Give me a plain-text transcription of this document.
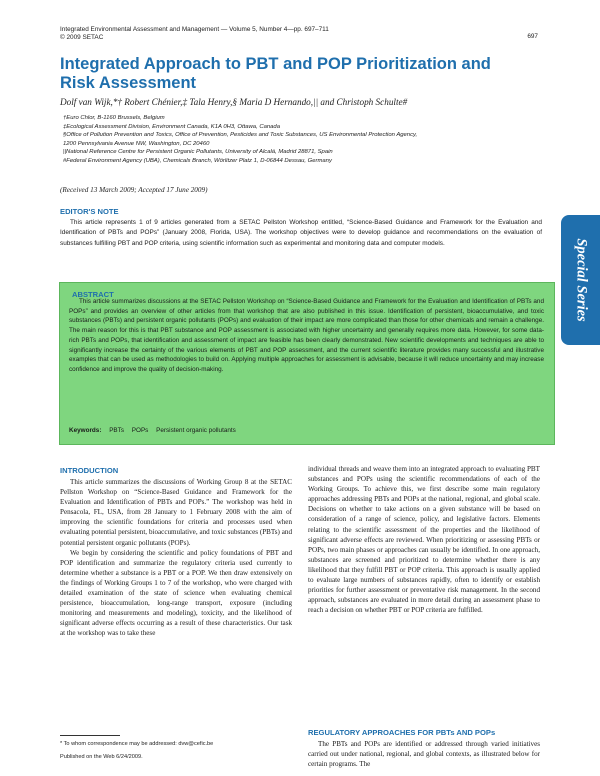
Integrated Environmental Assessment and Management — Volume 5, Number 4—pp. 697–711
© 2009 SETAC	697
Integrated Approach to PBT and POP Prioritization and Risk Assessment
Dolf van Wijk,*† Robert Chénier,‡ Tala Henry,§ Maria D Hernando,|| and Christoph Schulte#
†Euro Chlor, B-1160 Brussels, Belgium
‡Ecological Assessment Division, Environment Canada, K1A 0H3, Ottawa, Canada
§Office of Pollution Prevention and Toxics, Office of Prevention, Pesticides and Toxic Substances, US Environmental Protection Agency,
1200 Pennsylvania Avenue NW, Washington, DC 20460
||National Reference Centre for Persistent Organic Pollutants, University of Alcalá, Madrid 28871, Spain
#Federal Environment Agency (UBA), Chemicals Branch, Wörlitzer Platz 1, D-06844 Dessau, Germany
(Received 13 March 2009; Accepted 17 June 2009)
EDITOR'S NOTE
This article represents 1 of 9 articles generated from a SETAC Pellston Workshop entitled, “Science-Based Guidance and Framework for the Evaluation and Identification of PBTs and POPs” (January 2008, Florida, USA). The workshop objectives were to develop guidance and recommendations on the evaluation of substances fulfilling PBT and POP criteria, using scientific information such as experimental and monitoring data and computer models.	Special Series
ABSTRACT
This article summarizes discussions at the SETAC Pellston Workshop on “Science-Based Guidance and Framework for the Evaluation and Identification of PBTs and POPs” and provides an overview of other articles from that workshop that are also published in this issue. Identification of persistent, bioaccumulative, and toxic substances (PBTs) and persistent organic pollutants (POPs) and evaluation of their impact are more complicated than those for other chemicals and remain a challenge. The main reason for this is that PBT substance and POP assessment is associated with higher uncertainty and generally requires more data. However, for some data-rich PBTs and POPs, that identification and assessment of impact are feasible has been clearly demonstrated. New scientific developments and techniques are able to significantly increase the certainty of the various elements of PBT and POP assessment, and the current scientific literature provides many successful and illustrative examples that can be used as methodologies to build on. Applying multiple approaches for assessment is advisable, because it will reduce uncertainty and may increase confidence and improve the quality of decision-making.
Keywords: PBTs POPs Persistent organic pollutants
INTRODUCTION

This article summarizes the discussions of Working Group 8 at the SETAC Pellston Workshop on “Science-Based Guidance and Framework for the Evaluation and Identification of PBTs and POPs.” The workshop was held in Pensacola, FL, USA, from 28 January to 1 February 2008 with the aim of improving the scientific foundations for criteria and processes used when evaluating potential persistent, bioaccumulative, and toxic substances (PBTs) and potential persistent organic pollutants (POPs).

We begin by considering the scientific and policy foundations of PBT and POP identification and summarize the regulatory criteria used currently to determine whether a substance is a PBT or a POP. We then draw extensively on the findings of Working Groups 1 to 7 of the workshop, who were charged with detailed examination of the state of science when evaluating chemical persistence, bioaccumulation, long-range transport, exposure (including monitoring and measurements and modeling), toxicity, and the likelihood of significant adverse effects occurring as a result of these characteristics. Our task at the workshop was to take these

individual threads and weave them into an integrated approach to evaluating PBT substances and POPs using the scientific recommendations of each of the Working Groups. To achieve this, we first describe some main regulatory approaches addressing PBTs and POPs at the national, regional, and global scale. Decisions on whether to take actions on a given substance will be based on consideration of a range of science, policy, and legislative factors. Elements relating to the scientific assessment of the properties and the likelihood of significant adverse effects are reviewed. When prioritizing or assessing PBTs or POPs, two main phases or approaches can usually be identified. In one approach, substances are screened and prioritized to determine whether there is any likelihood that they fulfill PBT or POP criteria. This approach is usually applied to evaluate large numbers of substances rapidly, often to identify or establish priorities for further assessment or preventative risk management. In the second approach, substances are evaluated in more detail during an assessment phase to reach a decision on whether PBT or POP criteria are fulfilled.

REGULATORY APPROACHES FOR PBTs AND POPs

The PBTs and POPs are identified or addressed through varied initiatives carried out under national, regional, and global contexts, as illustrated below for certain programs. The

* To whom correspondence may be addressed: dvw@cefic.be
Published on the Web 6/24/2009.
